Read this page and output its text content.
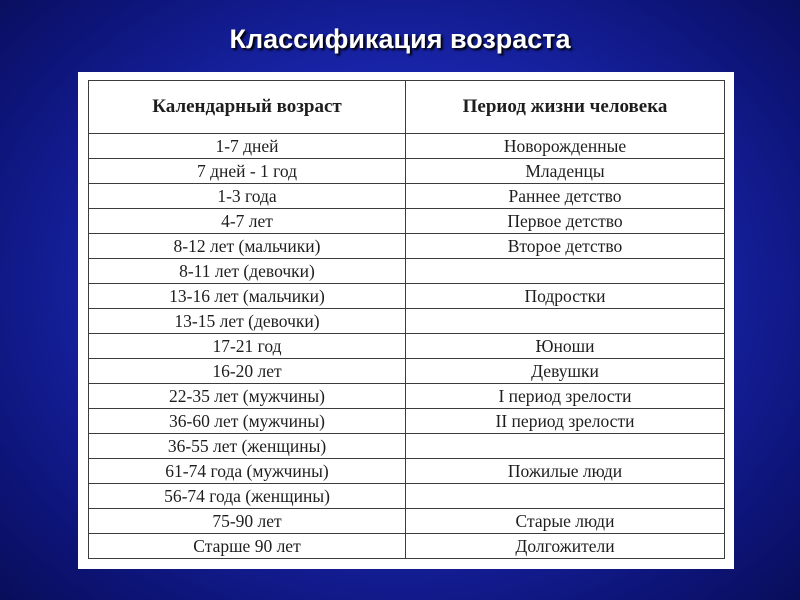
Классификация возраста
Календарный возраст	Период жизни человека
1-7 дней	Новорожденные
7 дней - 1 год	Младенцы
1-3 года	Раннее детство
4-7 лет	Первое детство
8-12 лет (мальчики)	Второе детство
8-11 лет (девочки)	
13-16 лет (мальчики)	Подростки
13-15 лет (девочки)	
17-21 год	Юноши
16-20 лет	Девушки
22-35 лет (мужчины)	I период зрелости
36-60 лет (мужчины)	II период зрелости
36-55 лет (женщины)	
61-74 года (мужчины)	Пожилые люди
56-74 года (женщины)	
75-90 лет	Старые люди
Старше 90 лет	Долгожители
